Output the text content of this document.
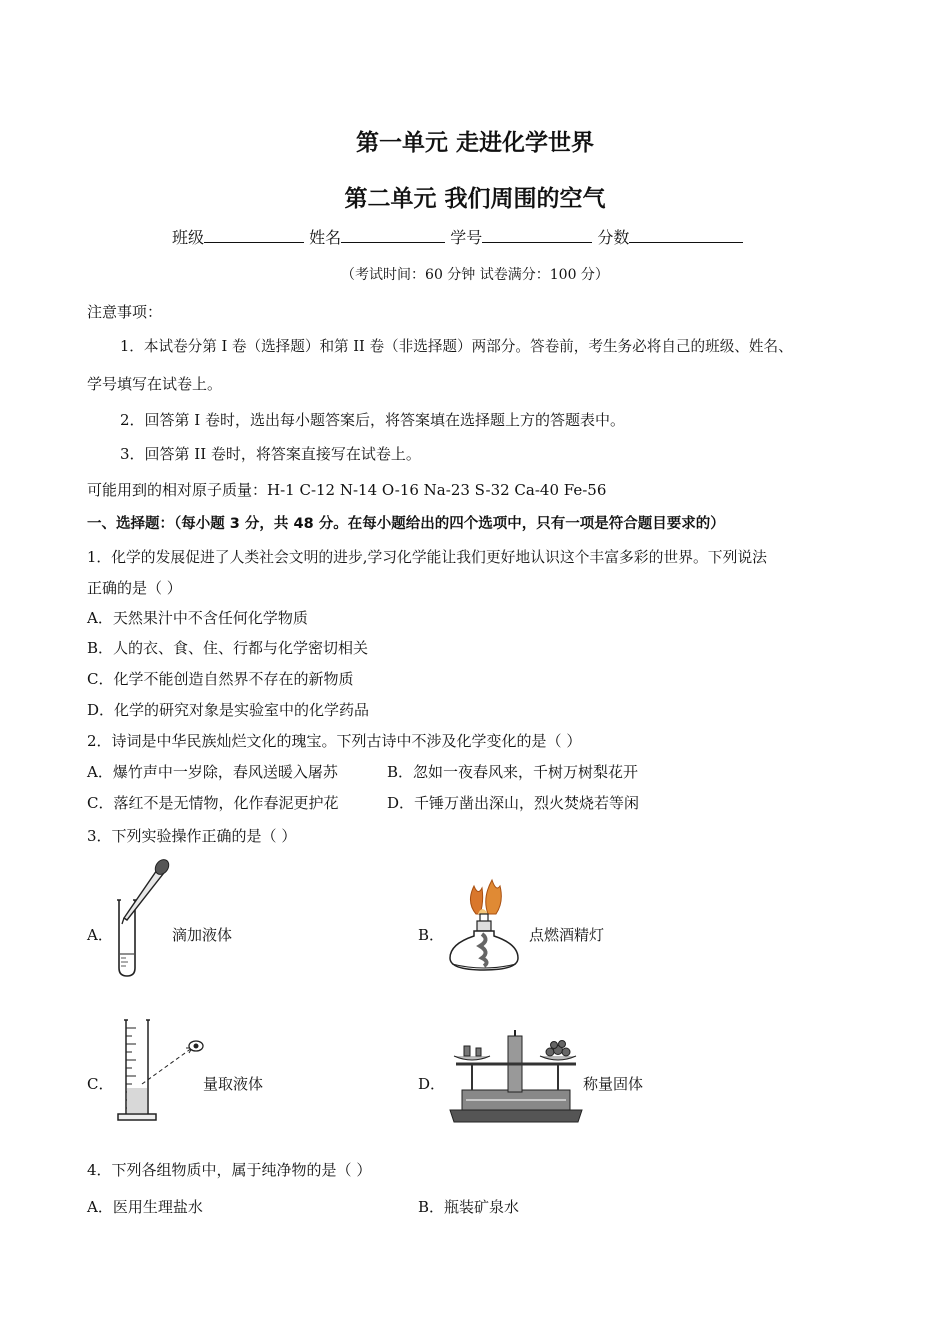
第一单元 走进化学世界
第二单元 我们周围的空气
班级	姓名	学号	分数
（考试时间：60 分钟 试卷满分：100 分）
注意事项：
1．本试卷分第 I 卷（选择题）和第 II 卷（非选择题）两部分。答卷前，考生务必将自己的班级、姓名、
学号填写在试卷上。
2．回答第 I 卷时，选出每小题答案后，将答案填在选择题上方的答题表中。
3．回答第 II 卷时，将答案直接写在试卷上。
可能用到的相对原子质量：H-1 C-12 N-14 O-16 Na-23 S-32 Ca-40 Fe-56
一、选择题：（每小题 3 分，共 48 分。在每小题给出的四个选项中，只有一项是符合题目要求的）
1．化学的发展促进了人类社会文明的进步,学习化学能让我们更好地认识这个丰富多彩的世界。下列说法
正确的是（ ）
A．天然果汁中不含任何化学物质
B．人的衣、食、住、行都与化学密切相关
C．化学不能创造自然界不存在的新物质
D．化学的研究对象是实验室中的化学药品
2．诗词是中华民族灿烂文化的瑰宝。下列古诗中不涉及化学变化的是（ ）
A．爆竹声中一岁除，春风送暖入屠苏	B．忽如一夜春风来，千树万树梨花开
C．落红不是无情物，化作春泥更护花	D．千锤万凿出深山，烈火焚烧若等闲
3．下列实验操作正确的是（ ）
A．	滴加液体	B．	点燃酒精灯
C．	量取液体	D．	称量固体
4．下列各组物质中，属于纯净物的是（ ）
A．医用生理盐水	B．瓶装矿泉水
